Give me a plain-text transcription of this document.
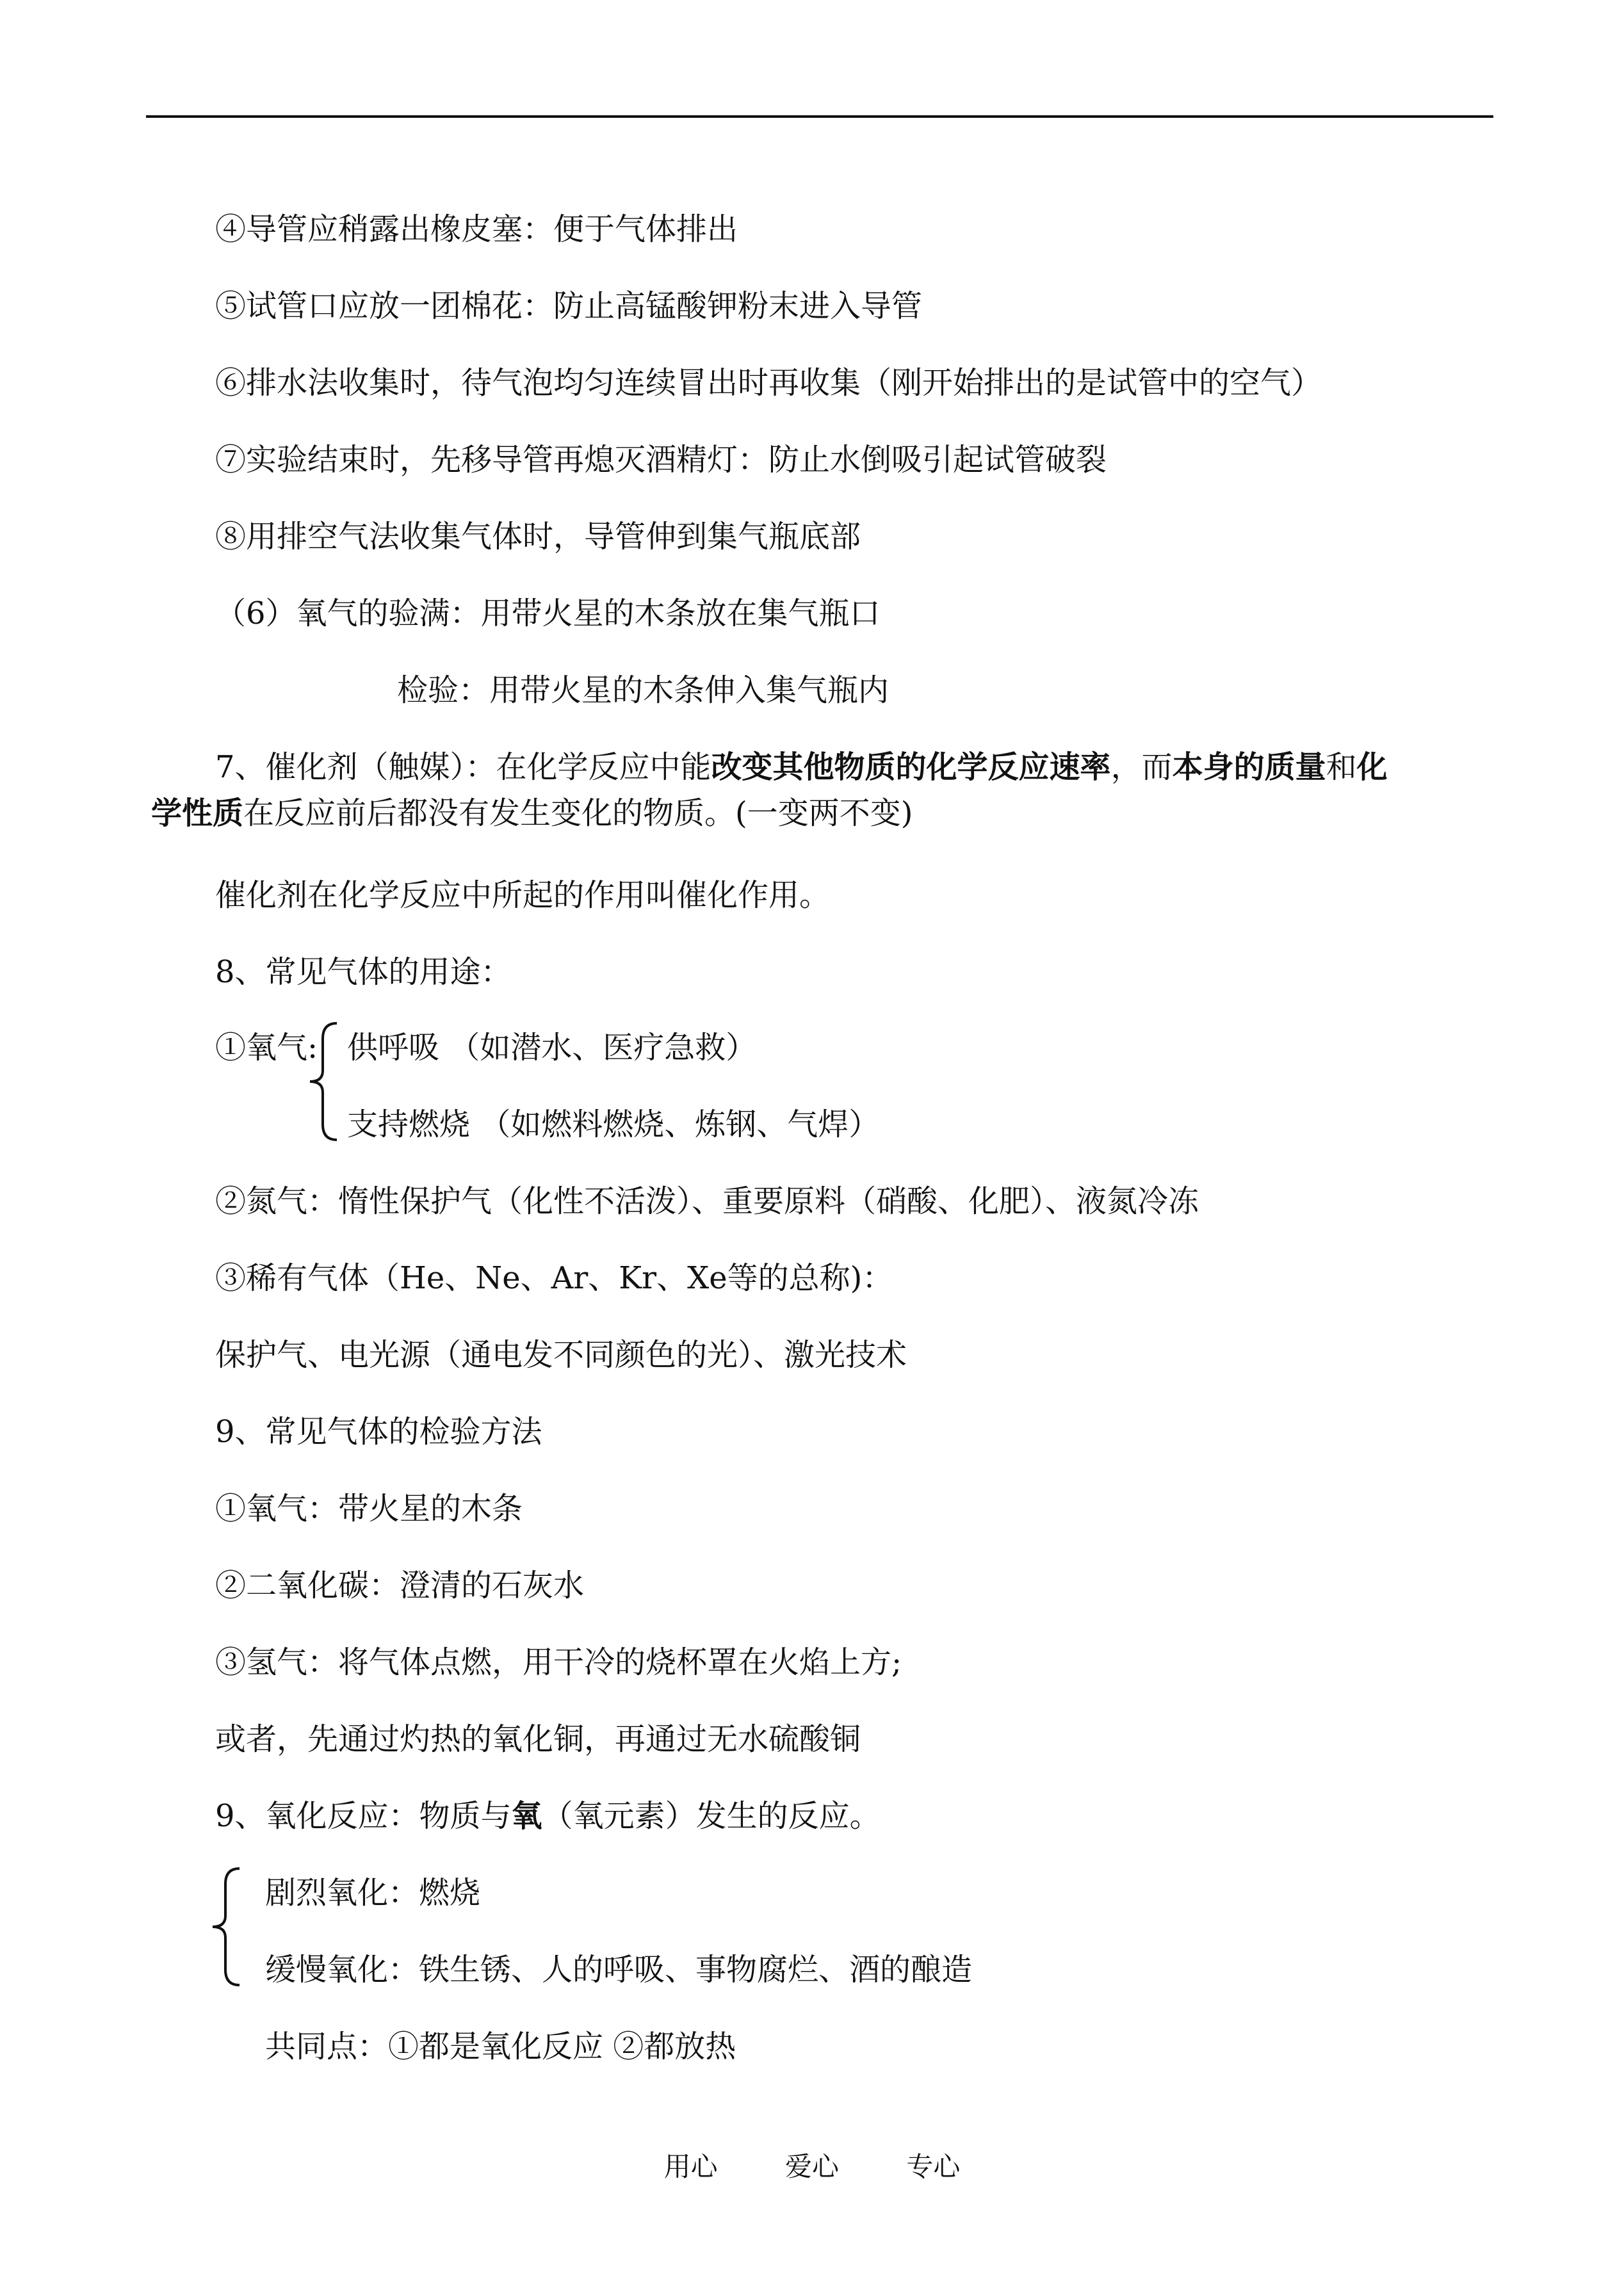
④导管应稍露出橡皮塞：便于气体排出
⑤试管口应放一团棉花：防止高锰酸钾粉末进入导管
⑥排水法收集时，待气泡均匀连续冒出时再收集（刚开始排出的是试管中的空气）
⑦实验结束时，先移导管再熄灭酒精灯：防止水倒吸引起试管破裂
⑧用排空气法收集气体时，导管伸到集气瓶底部
（6）氧气的验满：用带火星的木条放在集气瓶口
检验：用带火星的木条伸入集气瓶内
7、催化剂（触媒）：在化学反应中能改变其他物质的化学反应速率，而本身的质量和化
学性质在反应前后都没有发生变化的物质。(一变两不变)
催化剂在化学反应中所起的作用叫催化作用。
8、常见气体的用途：
①氧气: 供呼吸 （如潜水、医疗急救）
支持燃烧 （如燃料燃烧、炼钢、气焊）
②氮气：惰性保护气（化性不活泼）、重要原料（硝酸、化肥）、液氮冷冻
③稀有气体（He、Ne、Ar、Kr、Xe等的总称)：
保护气、电光源（通电发不同颜色的光）、激光技术
9、常见气体的检验方法
①氧气：带火星的木条
②二氧化碳：澄清的石灰水
③氢气：将气体点燃，用干冷的烧杯罩在火焰上方;
或者，先通过灼热的氧化铜，再通过无水硫酸铜
9、氧化反应：物质与氧（氧元素）发生的反应。
剧烈氧化：燃烧
缓慢氧化：铁生锈、人的呼吸、事物腐烂、酒的酿造
共同点：①都是氧化反应 ②都放热
用心	爱心	专心
